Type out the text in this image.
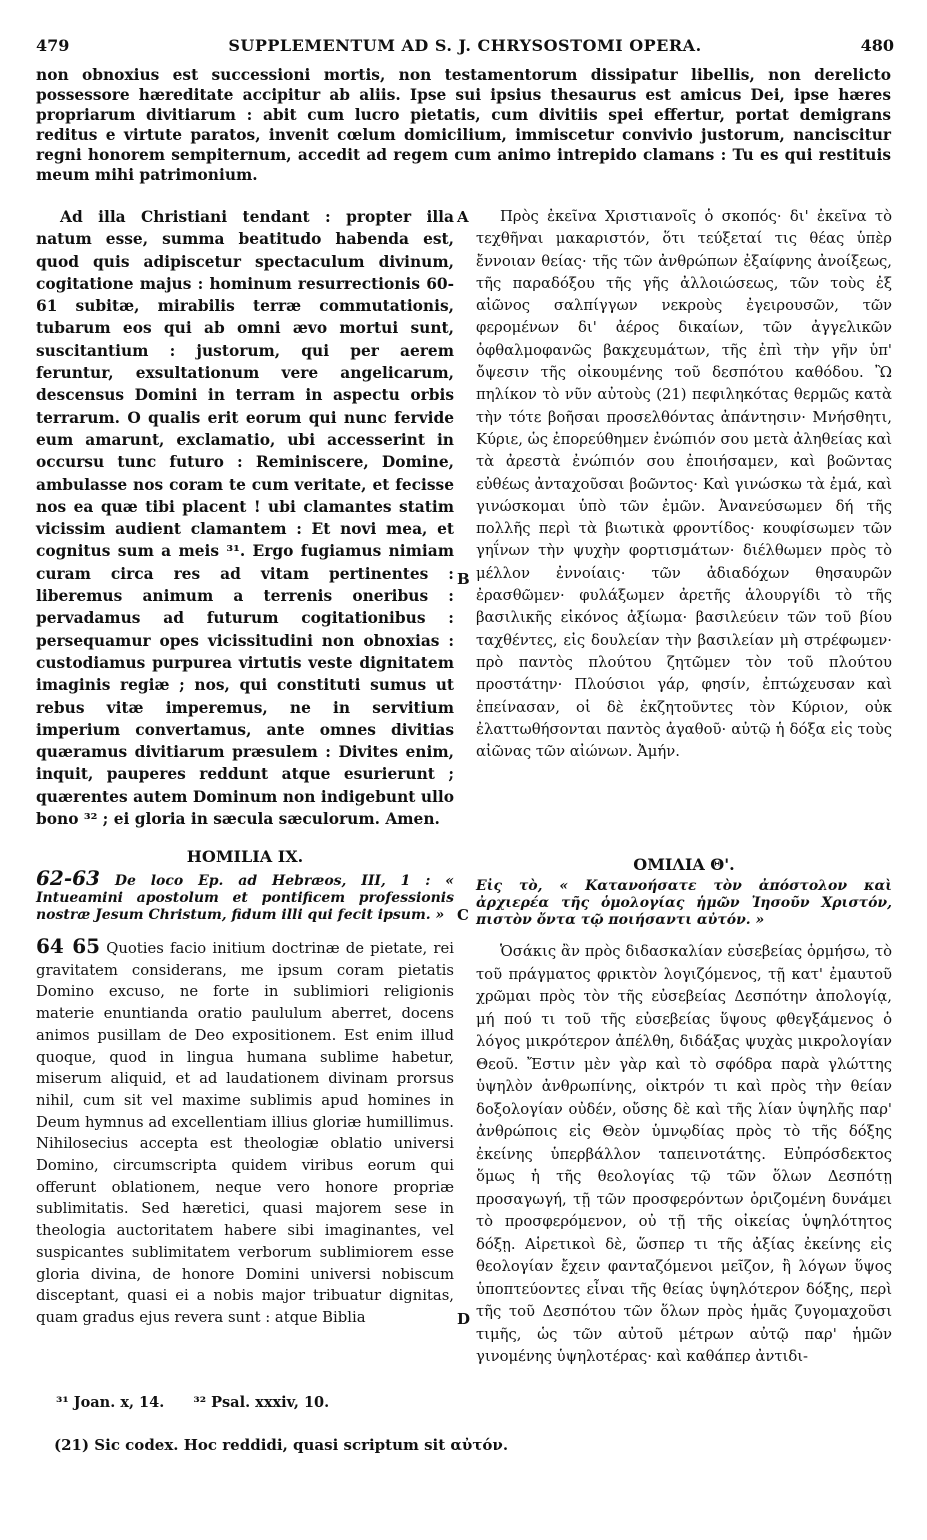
479	SUPPLEMENTUM AD S. J. CHRYSOSTOMI OPERA.	480

non obnoxius est successioni mortis, non testamentorum dissipatur libellis, non derelicto possessore hæreditate accipitur ab aliis. Ipse sui ipsius thesaurus est amicus Dei, ipse hæres propriarum divitiarum : abit cum lucro pietatis, cum divitiis spei effertur, portat demigrans reditus e virtute paratos, invenit cœlum domicilium, immiscetur convivio justorum, nanciscitur regni honorem sempiternum, accedit ad regem cum animo intrepido clamans : Tu es qui restituis meum mihi patrimonium.

Ad illa Christiani tendant : propter illa natum esse, summa beatitudo habenda est, quod quis adipiscetur spectaculum divinum, cogitatione majus : hominum resurrectionis 60-61 subitæ, mirabilis terræ commutationis, tubarum eos qui ab omni ævo mortui sunt, suscitantium : justorum, qui per aerem feruntur, exsultationum vere angelicarum, descensus Domini in terram in aspectu orbis terrarum. O qualis erit eorum qui nunc fervide eum amarunt, exclamatio, ubi accesserint in occursu tunc futuro : Reminiscere, Domine, ambulasse nos coram te cum veritate, et fecisse nos ea quæ tibi placent ! ubi clamantes statim vicissim audient clamantem : Et novi mea, et cognitus sum a meis ³¹. Ergo fugiamus nimiam curam circa res ad vitam pertinentes : liberemus animum a terrenis oneribus : pervadamus ad futurum cogitationibus : persequamur opes vicissitudini non obnoxias : custodiamus purpurea virtutis veste dignitatem imaginis regiæ ; nos, qui constituti sumus ut rebus vitæ imperemus, ne in servitium imperium convertamus, ante omnes divitias quæramus divitiarum præsulem : Divites enim, inquit, pauperes reddunt atque esurierunt ; quærentes autem Dominum non indigebunt ullo bono ³² ; ei gloria in sæcula sæculorum. Amen.

Πρὸς ἐκεῖνα Χριστιανοῖς ὁ σκοπός· δι' ἐκεῖνα τὸ τεχθῆναι μακαριστόν, ὅτι τεύξεταί τις θέας ὑπὲρ ἔννοιαν θείας· τῆς τῶν ἀνθρώπων ἐξαίφνης ἀνοίξεως, τῆς παραδόξου τῆς γῆς ἀλλοιώσεως, τῶν τοὺς ἐξ αἰῶνος σαλπίγγων νεκροὺς ἐγειρουσῶν, τῶν φερομένων δι' ἀέρος δικαίων, τῶν ἀγγελικῶν ὀφθαλμοφανῶς βακχευμάτων, τῆς ἐπὶ τὴν γῆν ὑπ' ὄψεσιν τῆς οἰκουμένης τοῦ δεσπότου καθόδου. Ὢ πηλίκον τὸ νῦν αὐτοὺς (21) πεφιληκότας θερμῶς κατὰ τὴν τότε βοῆσαι προσελθόντας ἀπάντησιν· Μνήσθητι, Κύριε, ὡς ἐπορεύθημεν ἐνώπιόν σου μετὰ ἀληθείας καὶ τὰ ἀρεστὰ ἐνώπιόν σου ἐποιήσαμεν, καὶ βοῶντας εὐθέως ἀνταχοῦσαι βοῶντος· Καὶ γινώσκω τὰ ἐμά, καὶ γινώσκομαι ὑπὸ τῶν ἐμῶν. Ἀνανεύσωμεν δή τῆς πολλῆς περὶ τὰ βιωτικὰ φροντίδος· κουφίσωμεν τῶν γηΐνων τὴν ψυχὴν φορτισμάτων· διέλθωμεν πρὸς τὸ μέλλον ἐννοίαις· τῶν ἀδιαδόχων θησαυρῶν ἐρασθῶμεν· φυλάξωμεν ἀρετῆς ἁλουργίδι τὸ τῆς βασιλικῆς εἰκόνος ἀξίωμα· βασιλεύειν τῶν τοῦ βίου ταχθέντες, εἰς δουλείαν τὴν βασιλείαν μὴ στρέφωμεν· πρὸ παντὸς πλούτου ζητῶμεν τὸν τοῦ πλούτου προστάτην· Πλούσιοι γάρ, φησίν, ἐπτώχευσαν καὶ ἐπείνασαν, οἱ δὲ ἐκζητοῦντες τὸν Κύριον, οὐκ ἐλαττωθήσονται παντὸς ἀγαθοῦ· αὐτῷ ἡ δόξα εἰς τοὺς αἰῶνας τῶν αἰώνων. Ἀμήν.

HOMILIA IX.
62-63 De loco Ep. ad Hebræos, III, 1 : « Intueamini apostolum et pontificem professionis nostræ Jesum Christum, fidum illi qui fecit ipsum. »

64 65 Quoties facio initium doctrinæ de pietate, rei gravitatem considerans, me ipsum coram pietatis Domino excuso, ne forte in sublimiori religionis materie enuntianda oratio paululum aberret, docens animos pusillam de Deo expositionem. Est enim illud quoque, quod in lingua humana sublime habetur, miserum aliquid, et ad laudationem divinam prorsus nihil, cum sit vel maxime sublimis apud homines in Deum hymnus ad excellentiam illius gloriæ humillimus. Nihilosecius accepta est theologiæ oblatio universi Domino, circumscripta quidem viribus eorum qui offerunt oblationem, neque vero honore propriæ sublimitatis. Sed hæretici, quasi majorem sese in theologia auctoritatem habere sibi imaginantes, vel suspicantes sublimitatem verborum sublimiorem esse gloria divina, de honore Domini universi nobiscum disceptant, quasi ei a nobis major tribuatur dignitas, quam gradus ejus revera sunt : atque Biblia

ΟΜΙΛΙΑ Θ'.
Εἰς τὸ, « Κατανοήσατε τὸν ἀπόστολον καὶ ἀρχιερέα τῆς ὁμολογίας ἡμῶν Ἰησοῦν Χριστόν, πιστὸν ὄντα τῷ ποιήσαντι αὐτόν. »

Ὁσάκις ἂν πρὸς διδασκαλίαν εὐσεβείας ὁρμήσω, τὸ τοῦ πράγματος φρικτὸν λογιζόμενος, τῇ κατ' ἐμαυτοῦ χρῶμαι πρὸς τὸν τῆς εὐσεβείας Δεσπότην ἀπολογίᾳ, μή πού τι τοῦ τῆς εὐσεβείας ὕψους φθεγξάμενος ὁ λόγος μικρότερον ἀπέλθη, διδάξας ψυχὰς μικρολογίαν Θεοῦ. Ἔστιν μὲν γὰρ καὶ τὸ σφόδρα παρὰ γλώττης ὑψηλὸν ἀνθρωπίνης, οἰκτρόν τι καὶ πρὸς τὴν θείαν δοξολογίαν οὐδέν, οὔσης δὲ καὶ τῆς λίαν ὑψηλῆς παρ' ἀνθρώποις εἰς Θεὸν ὑμνῳδίας πρὸς τὸ τῆς δόξης ἐκείνης ὑπερβάλλον ταπεινοτάτης. Εὐπρόσδεκτος ὅμως ἡ τῆς θεολογίας τῷ τῶν ὅλων Δεσπότῃ προσαγωγή, τῇ τῶν προσφερόντων ὁριζομένη δυνάμει τὸ προσφερόμενον, οὐ τῇ τῆς οἰκείας ὑψηλότητος δόξῃ. Αἱρετικοὶ δὲ, ὥσπερ τι τῆς ἀξίας ἐκείνης εἰς θεολογίαν ἔχειν φανταζόμενοι μεῖζον, ἢ λόγων ὕψος ὑποπτεύοντες εἶναι τῆς θείας ὑψηλότερον δόξης, περὶ τῆς τοῦ Δεσπότου τῶν ὅλων πρὸς ἡμᾶς ζυγομαχοῦσι τιμῆς, ὡς τῶν αὐτοῦ μέτρων αὐτῷ παρ' ἡμῶν γινομένης ὑψηλοτέρας· καὶ καθάπερ ἀντιδι-

A
B
C
D
³¹ Joan. x, 14. ³² Psal. xxxiv, 10.
(21) Sic codex. Hoc reddidi, quasi scriptum sit αὐτόν.
